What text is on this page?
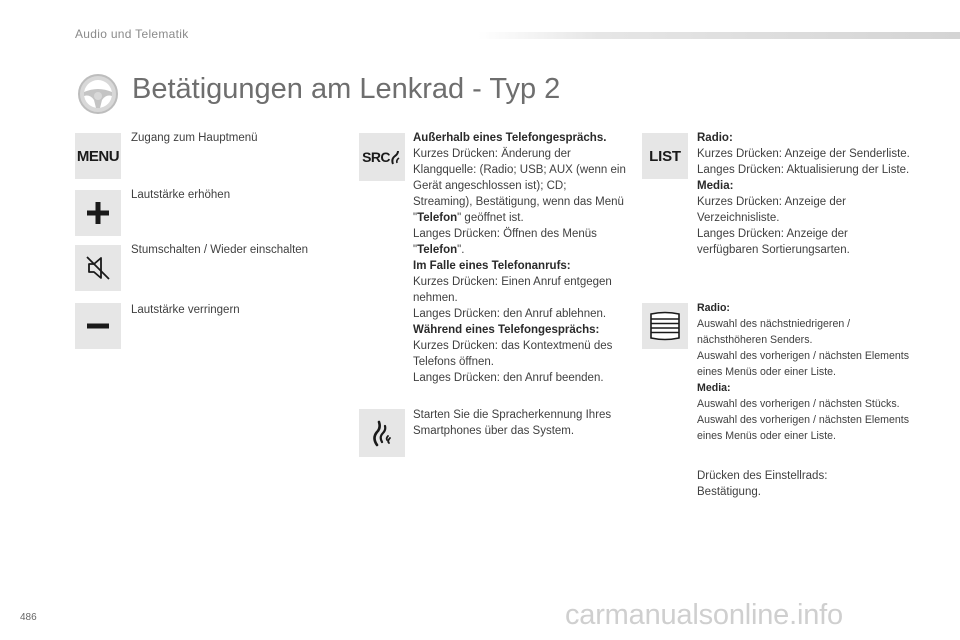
Audio und Telematik
Betätigungen am Lenkrad - Typ 2
MENU
Zugang zum Hauptmenü
Lautstärke erhöhen
Stumschalten / Wieder einschalten
Lautstärke verringern
SRC

Außerhalb eines Telefongesprächs.

Kurzes Drücken: Änderung der Klangquelle: (Radio; USB; AUX (wenn ein Gerät angeschlossen ist); CD; Streaming), Bestätigung, wenn das Menü "Telefon" geöffnet ist.

Langes Drücken: Öffnen des Menüs "Telefon".

Im Falle eines Telefonanrufs:

Kurzes Drücken: Einen Anruf entgegen nehmen.

Langes Drücken: den Anruf ablehnen.

Während eines Telefongesprächs:

Kurzes Drücken: das Kontextmenü des Telefons öffnen.

Langes Drücken: den Anruf beenden.

Starten Sie die Spracherkennung Ihres Smartphones über das System.
LIST

Radio:

Kurzes Drücken: Anzeige der Senderliste.

Langes Drücken: Aktualisierung der Liste.

Media:

Kurzes Drücken: Anzeige der Verzeichnisliste.

Langes Drücken: Anzeige der verfügbaren Sortierungsarten.

Radio:

Auswahl des nächstniedrigeren / nächsthöheren Senders.

Auswahl des vorherigen / nächsten Elements eines Menüs oder einer Liste.

Media:

Auswahl des vorherigen / nächsten Stücks.

Auswahl des vorherigen / nächsten Elements eines Menüs oder einer Liste.

Drücken des Einstellrads: Bestätigung.
486	carmanualsonline.info
